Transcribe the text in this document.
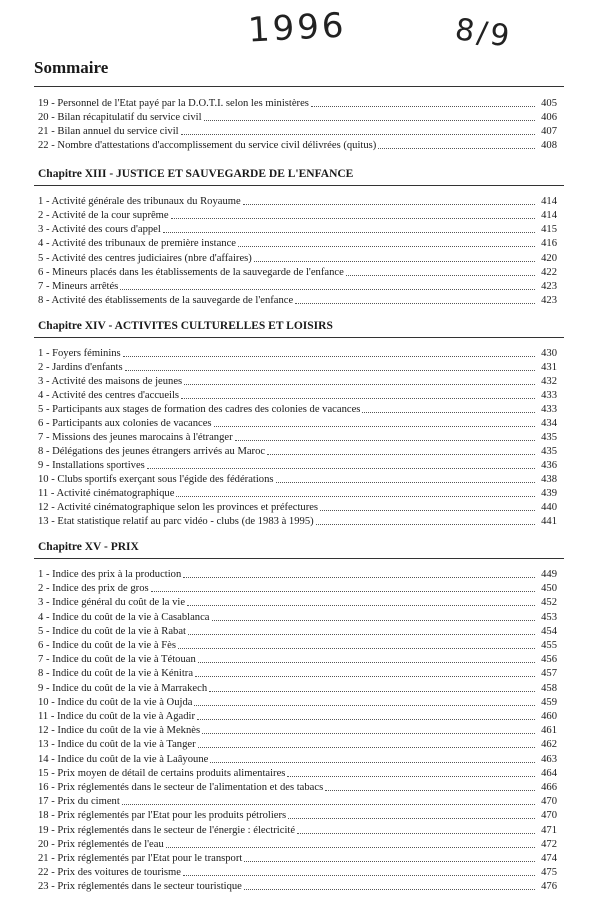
1996	8/9
Sommaire
19 - Personnel de l'Etat payé par la D.O.T.I. selon les ministères	405
20 - Bilan récapitulatif du service civil	406
21 - Bilan annuel du service civil	407
22 - Nombre d'attestations d'accomplissement du service civil délivrées (quitus)	408
Chapitre XIII - JUSTICE ET SAUVEGARDE DE L'ENFANCE
1 - Activité générale des tribunaux du Royaume	414
2 - Activité de la cour suprême	414
3 - Activité des cours d'appel	415
4 - Activité des tribunaux de première instance	416
5 - Activité des centres judiciaires (nbre d'affaires)	420
6 - Mineurs placés dans les établissements de la sauvegarde de l'enfance	422
7 - Mineurs arrêtés	423
8 - Activité des établissements de la sauvegarde de l'enfance	423
Chapitre XIV - ACTIVITES CULTURELLES ET LOISIRS
1 - Foyers féminins	430
2 - Jardins d'enfants	431
3 - Activité des maisons de jeunes	432
4 - Activité des centres d'accueils	433
5 - Participants aux stages de formation des cadres des colonies de vacances	433
6 - Participants aux colonies de vacances	434
7 - Missions des jeunes marocains à l'étranger	435
8 - Délégations des jeunes étrangers arrivés au Maroc	435
9 - Installations sportives	436
10 - Clubs sportifs exerçant sous l'égide des fédérations	438
11 - Activité cinématographique	439
12 - Activité cinématographique selon les provinces et préfectures	440
13 - Etat statistique relatif au parc vidéo - clubs (de 1983 à 1995)	441
Chapitre XV - PRIX
1 - Indice des prix à la production	449
2 - Indice des prix de gros	450
3 - Indice général du coût de la vie	452
4 - Indice du coût de la vie à Casablanca	453
5 - Indice du coût de la vie à Rabat	454
6 - Indice du coût de la vie à Fès	455
7 - Indice du coût de la vie à Tétouan	456
8 - Indice du coût de la vie à Kénitra	457
9 - Indice du coût de la vie à Marrakech	458
10 - Indice du coût de la vie à Oujda	459
11 - Indice du coût de la vie à Agadir	460
12 - Indice du coût de la vie à Meknès	461
13 - Indice du coût de la vie à Tanger	462
14 - Indice du coût de la vie à Laâyoune	463
15 - Prix moyen de détail de certains produits alimentaires	464
16 - Prix réglementés dans le secteur de l'alimentation et des tabacs	466
17 - Prix du ciment	470
18 - Prix réglementés par l'Etat pour les produits pétroliers	470
19 - Prix réglementés dans le secteur de l'énergie : électricité	471
20 - Prix réglementés de l'eau	472
21 - Prix réglementés par l'Etat pour le transport	474
22 - Prix des voitures de tourisme	475
23 - Prix réglementés dans le secteur touristique	476
